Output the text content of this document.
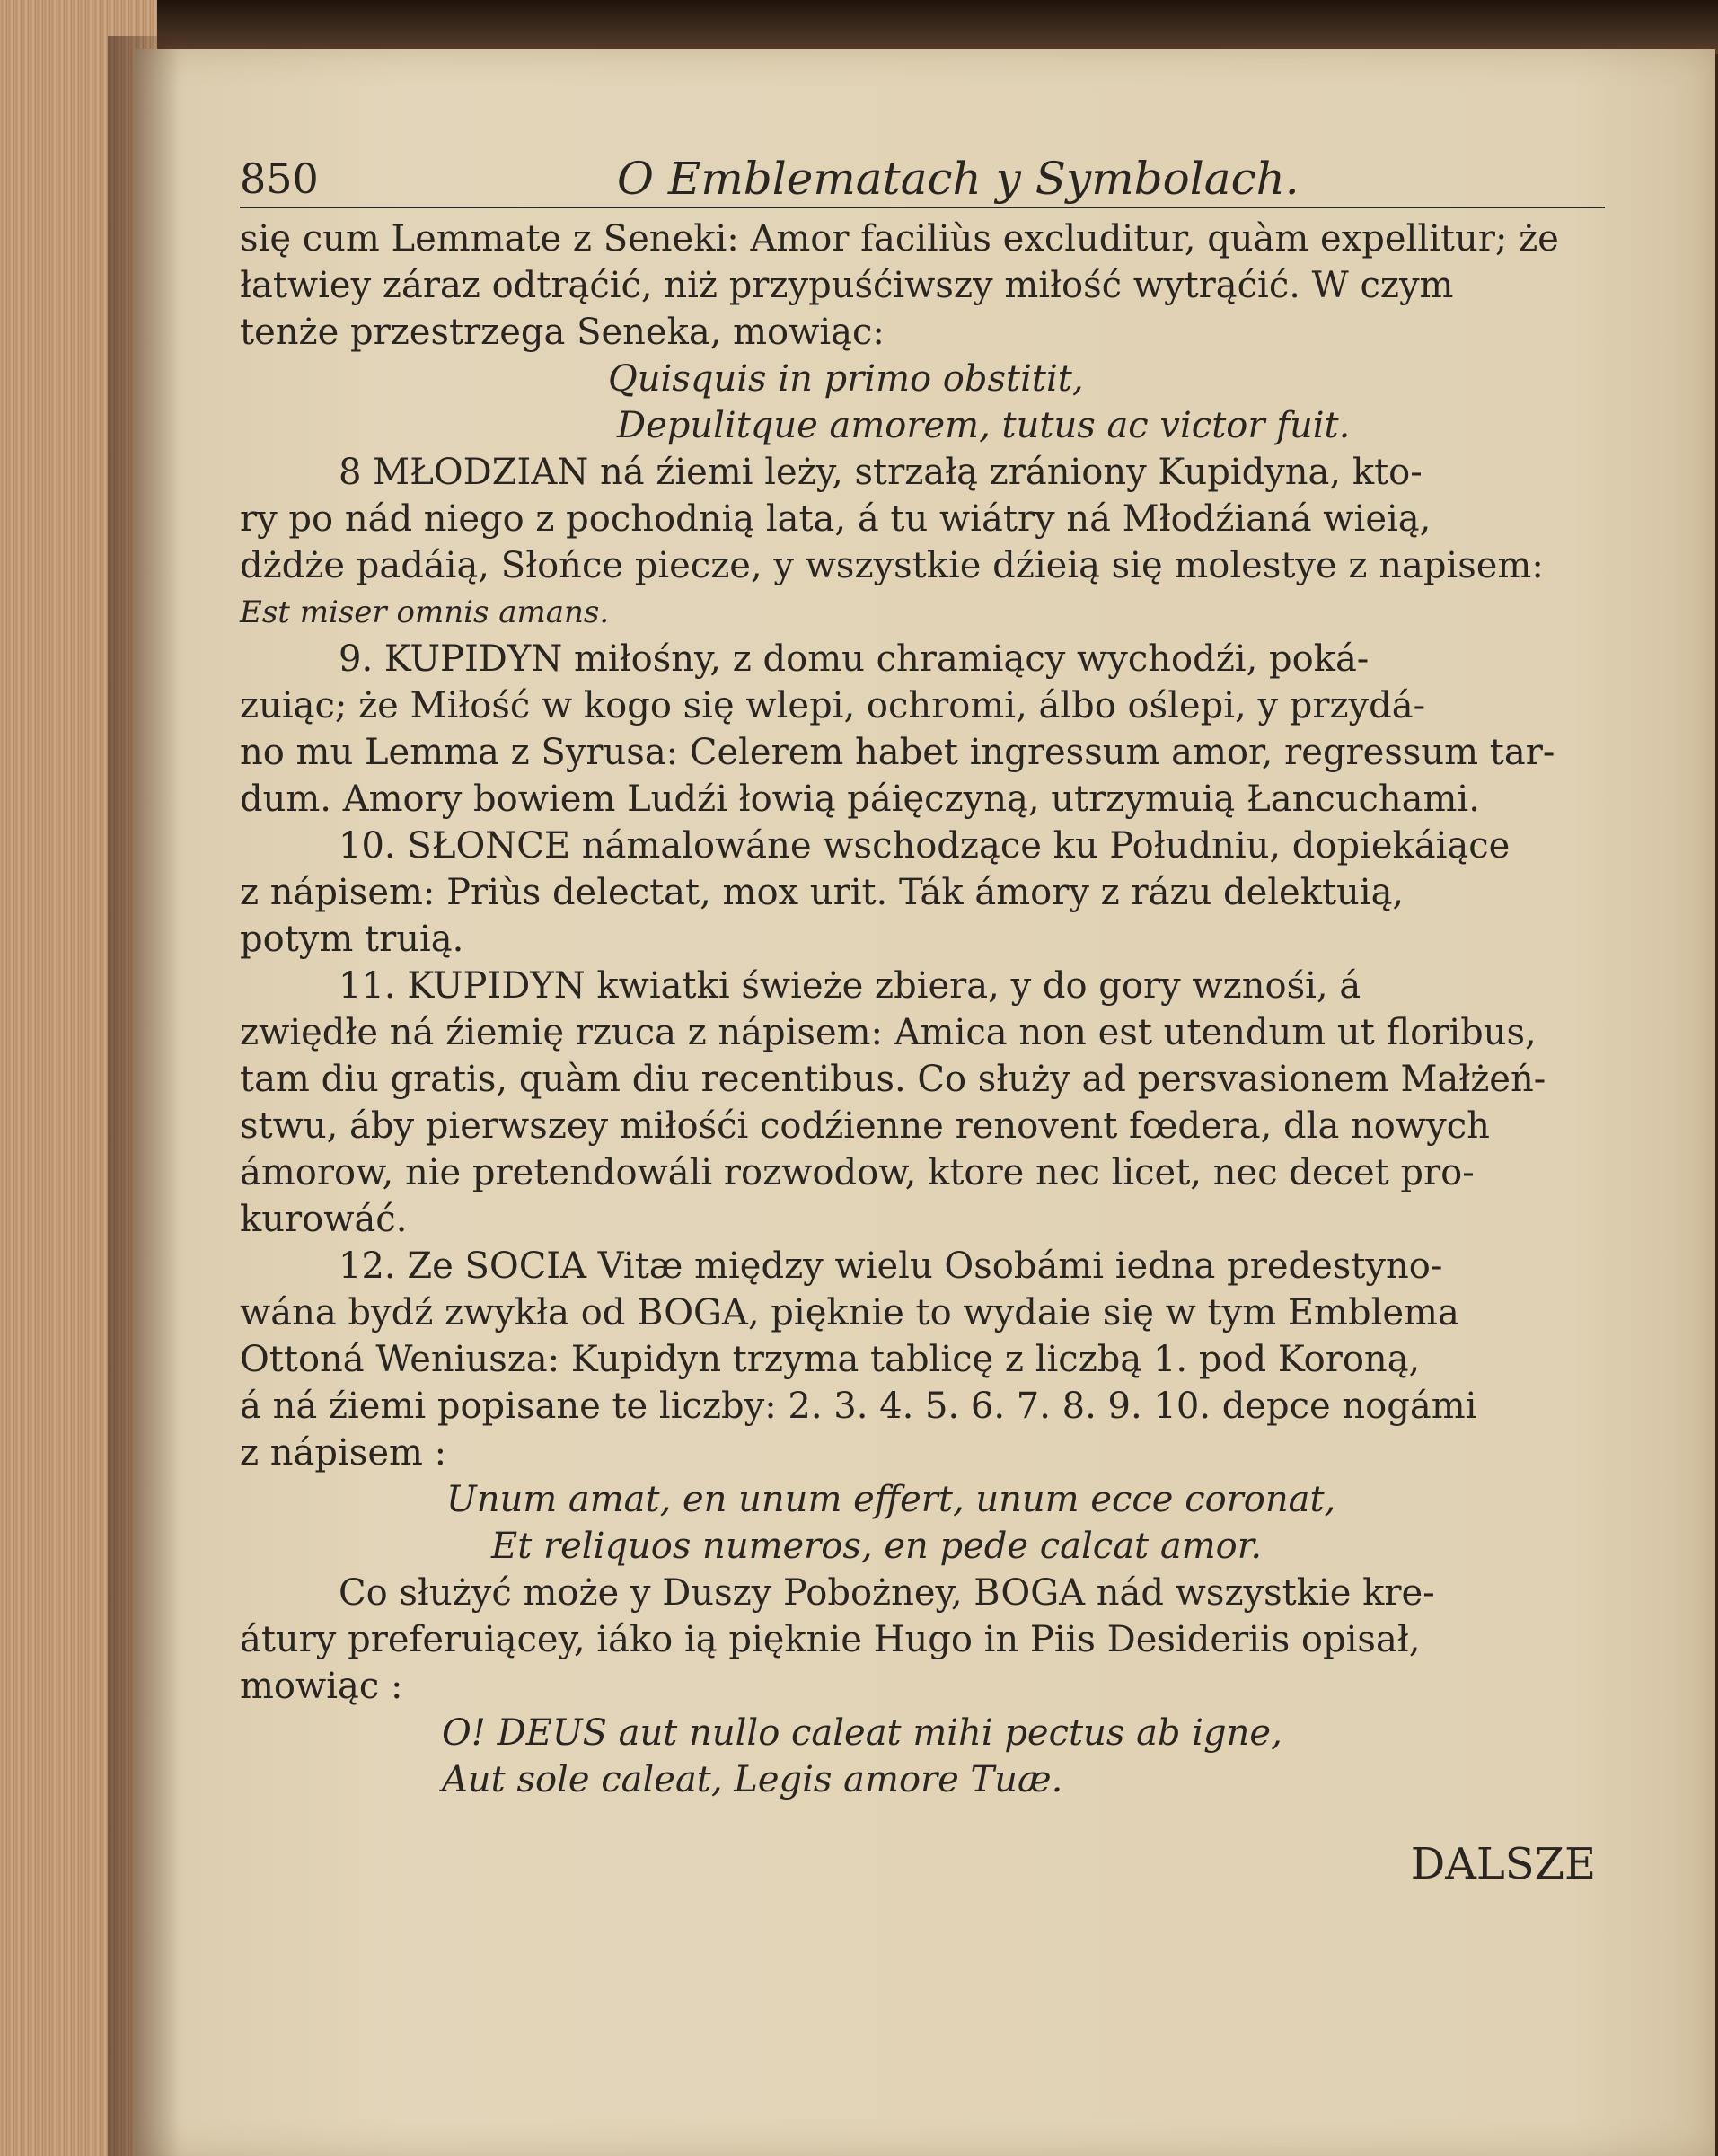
850	O Emblematach y Symbolach.
się cum Lemmate z Seneki: Amor faciliùs excluditur, quàm expellitur; że
łatwiey záraz odtrąćić, niż przypuśćiwszy miłość wytrąćić. W czym
tenże przestrzega Seneka, mowiąc:
Quisquis in primo obstitit,
Depulitque amorem, tutus ac victor fuit.
8 MŁODZIAN ná źiemi leży, strzałą zrániony Kupidyna, kto-
ry po nád niego z pochodnią lata, á tu wiátry ná Młodźianá wieią,
dżdże padáią, Słońce piecze, y wszystkie dźieią się molestye z napisem:
Est miser omnis amans.
9. KUPIDYN miłośny, z domu chramiący wychodźi, poká-
zuiąc; że Miłość w kogo się wlepi, ochromi, álbo oślepi, y przydá-
no mu Lemma z Syrusa: Celerem habet ingressum amor, regressum tar-
dum. Amory bowiem Ludźi łowią páięczyną, utrzymuią Łancuchami.
10. SŁONCE námalowáne wschodzące ku Południu, dopiekáiące
z nápisem: Priùs delectat, mox urit. Ták ámory z rázu delektuią,
potym truią.
11. KUPIDYN kwiatki świeże zbiera, y do gory wznośi, á
zwiędłe ná źiemię rzuca z nápisem: Amica non est utendum ut floribus,
tam diu gratis, quàm diu recentibus. Co służy ad persvasionem Małżeń-
stwu, áby pierwszey miłośći codźienne renovent fœdera, dla nowych
ámorow, nie pretendowáli rozwodow, ktore nec licet, nec decet pro-
kurowáć.
12. Ze SOCIA Vitæ między wielu Osobámi iedna predestyno-
wána bydź zwykła od BOGA, pięknie to wydaie się w tym Emblema
Ottoná Weniusza: Kupidyn trzyma tablicę z liczbą 1. pod Koroną,
á ná źiemi popisane te liczby: 2. 3. 4. 5. 6. 7. 8. 9. 10. depce nogámi
z nápisem :
Unum amat, en unum effert, unum ecce coronat,
Et reliquos numeros, en pede calcat amor.
Co służyć może y Duszy Pobożney, BOGA nád wszystkie kre-
átury preferuiącey, iáko ią pięknie Hugo in Piis Desideriis opisał,
mowiąc :
O! DEUS aut nullo caleat mihi pectus ab igne,
Aut sole caleat, Legis amore Tuæ.
DALSZE
